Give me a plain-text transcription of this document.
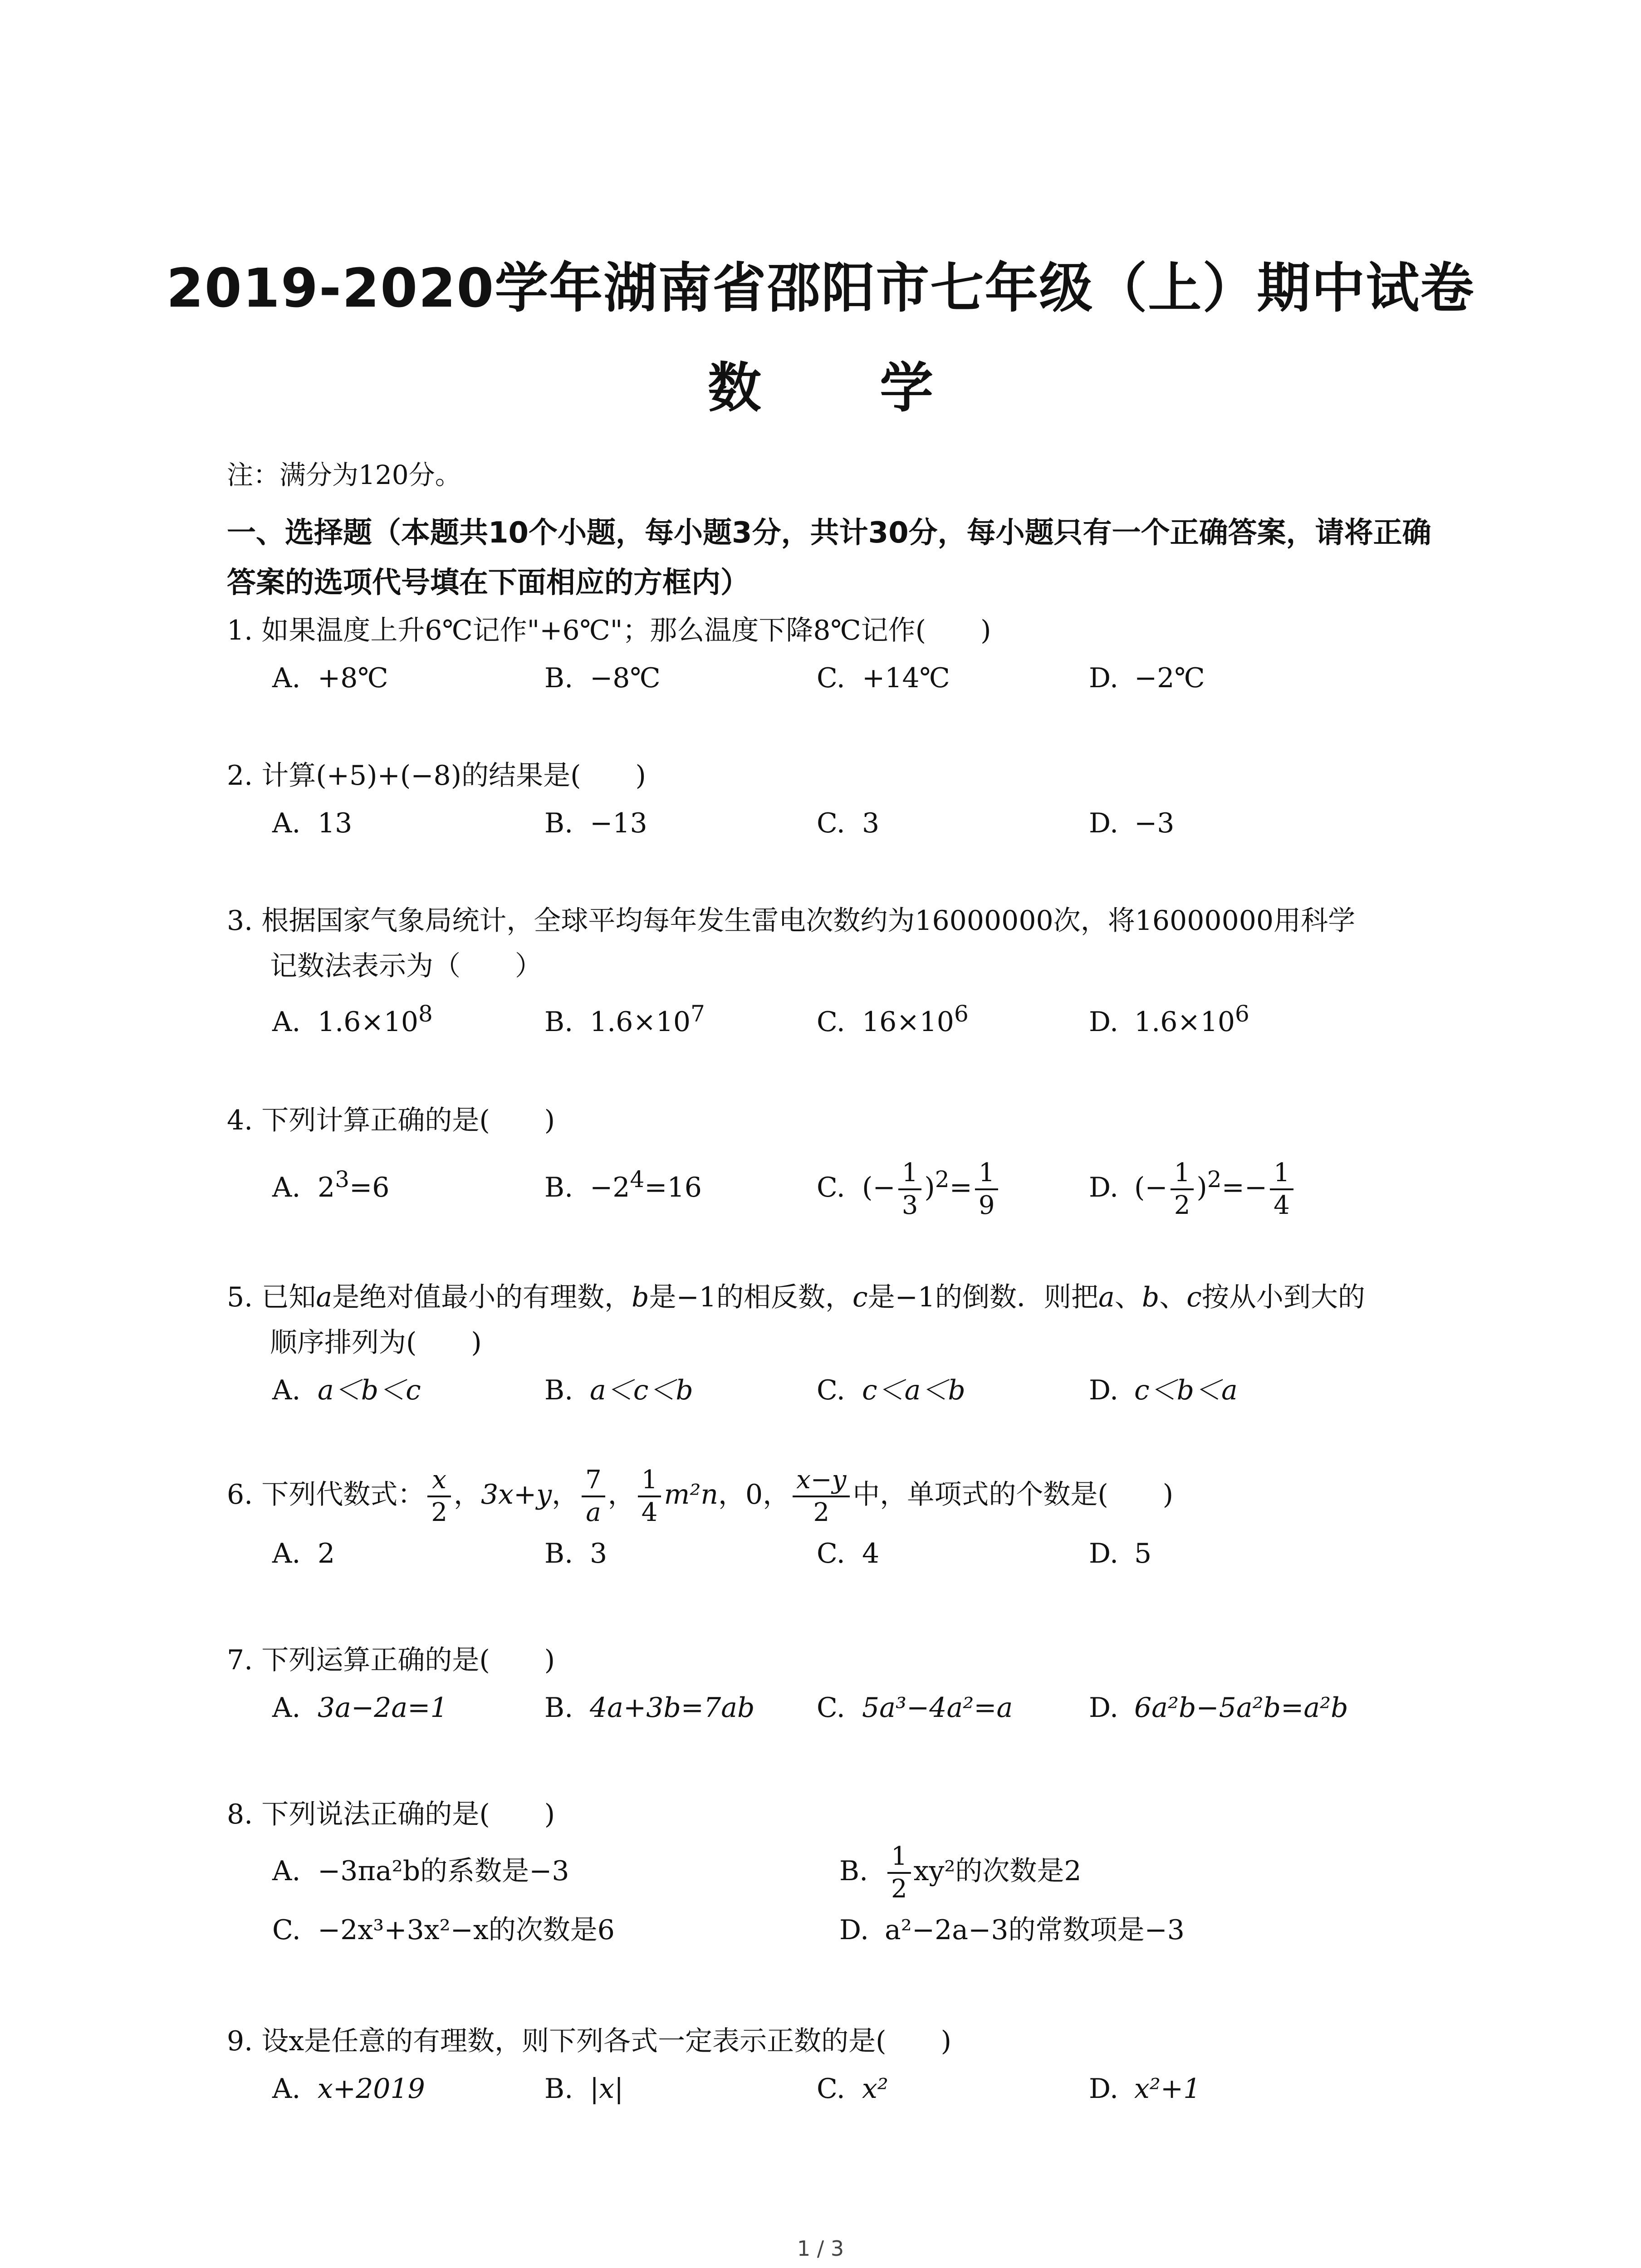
2019-2020学年湖南省邵阳市七年级（上）期中试卷
数 学
注：满分为120分。
一、选择题（本题共10个小题，每小题3分，共计30分，每小题只有一个正确答案，请将正确答案的选项代号填在下面相应的方框内）
1. 如果温度上升6℃记作"+6℃"；那么温度下降8℃记作(　　)
A. +8℃	B. −8℃	C. +14℃	D. −2℃
2. 计算(+5)+(−8)的结果是(　　)
A. 13	B. −13	C. 3	D. −3
3. 根据国家气象局统计，全球平均每年发生雷电次数约为16000000次，将16000000用科学
记数法表示为（　　）
A. $1.6\times 10^8$	B. $1.6\times 10^7$	C. $16\times 10^6$	D. $1.6\times 10^6$
4. 下列计算正确的是(　　)
A. $2^3=6$	B. $-2^4=16$	C. (− $\frac{1}{3} )^2= \frac{1}{9}$	D. (− $\frac{1}{2} )^2=- \frac{1}{4}$
5. 已知a是绝对值最小的有理数，b是−1的相反数，c是−1的倒数．则把a、b、c按从小到大的
顺序排列为(　　)
A. a＜b＜c	B. a＜c＜b	C. c＜a＜b	D. c＜b＜a
6. 下列代数式： $\frac{x}{2}$ ，3x+y， $\frac{7}{a}$ ， $\frac{1}{4} m^2n$，0， $\frac{x-y}{2}$ 中，单项式的个数是(　　)
A. 2	B. 3	C. 4	D. 5
7. 下列运算正确的是(　　)
A. 3a−2a=1	B. 4a+3b=7ab C. 5a³−4a²=a	D. 6a²b−5a²b=a²b
8. 下列说法正确的是(　　)
A. −3πa²b的系数是−3	B. $\frac{1}{2} xy^2$的次数是2
C. −2x³+3x²−x的次数是6	D. a²−2a−3的常数项是−3
9. 设x是任意的有理数，则下列各式一定表示正数的是(　　)
A. x+2019	B. |x|	C. x²	D. x²+1
1 / 3
